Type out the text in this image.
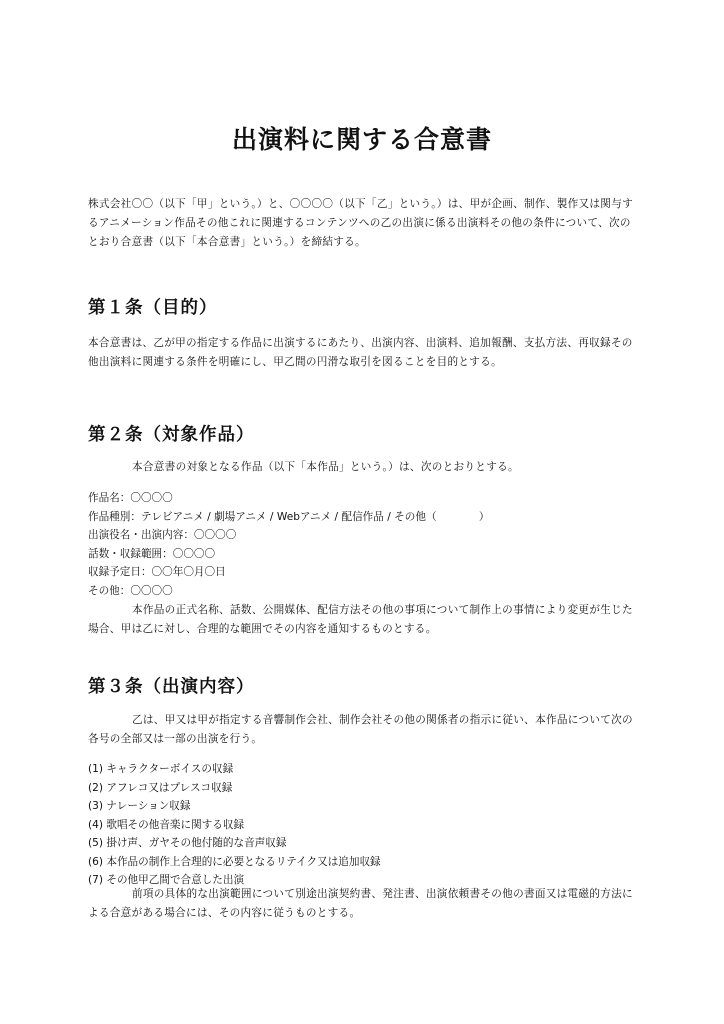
出演料に関する合意書

株式会社〇〇（以下「甲」という。）と、〇〇〇〇（以下「乙」という。）は、甲が企画、制作、製作又は関与するアニメーション作品その他これに関連するコンテンツへの乙の出演に係る出演料その他の条件について、次のとおり合意書（以下「本合意書」という。）を締結する。

第１条（目的）

本合意書は、乙が甲の指定する作品に出演するにあたり、出演内容、出演料、追加報酬、支払方法、再収録その他出演料に関連する条件を明確にし、甲乙間の円滑な取引を図ることを目的とする。

第２条（対象作品）

本合意書の対象となる作品（以下「本作品」という。）は、次のとおりとする。

作品名：〇〇〇〇
作品種別：テレビアニメ / 劇場アニメ / Webアニメ / 配信作品 / その他（　　　　）
出演役名・出演内容：〇〇〇〇
話数・収録範囲：〇〇〇〇
収録予定日：〇〇年〇月〇日
その他：〇〇〇〇

本作品の正式名称、話数、公開媒体、配信方法その他の事項について制作上の事情により変更が生じた場合、甲は乙に対し、合理的な範囲でその内容を通知するものとする。

第３条（出演内容）

乙は、甲又は甲が指定する音響制作会社、制作会社その他の関係者の指示に従い、本作品について次の各号の全部又は一部の出演を行う。

(1) キャラクターボイスの収録
(2) アフレコ又はプレスコ収録
(3) ナレーション収録
(4) 歌唱その他音楽に関する収録
(5) 掛け声、ガヤその他付随的な音声収録
(6) 本作品の制作上合理的に必要となるリテイク又は追加収録
(7) その他甲乙間で合意した出演

前項の具体的な出演範囲について別途出演契約書、発注書、出演依頼書その他の書面又は電磁的方法による合意がある場合には、その内容に従うものとする。
